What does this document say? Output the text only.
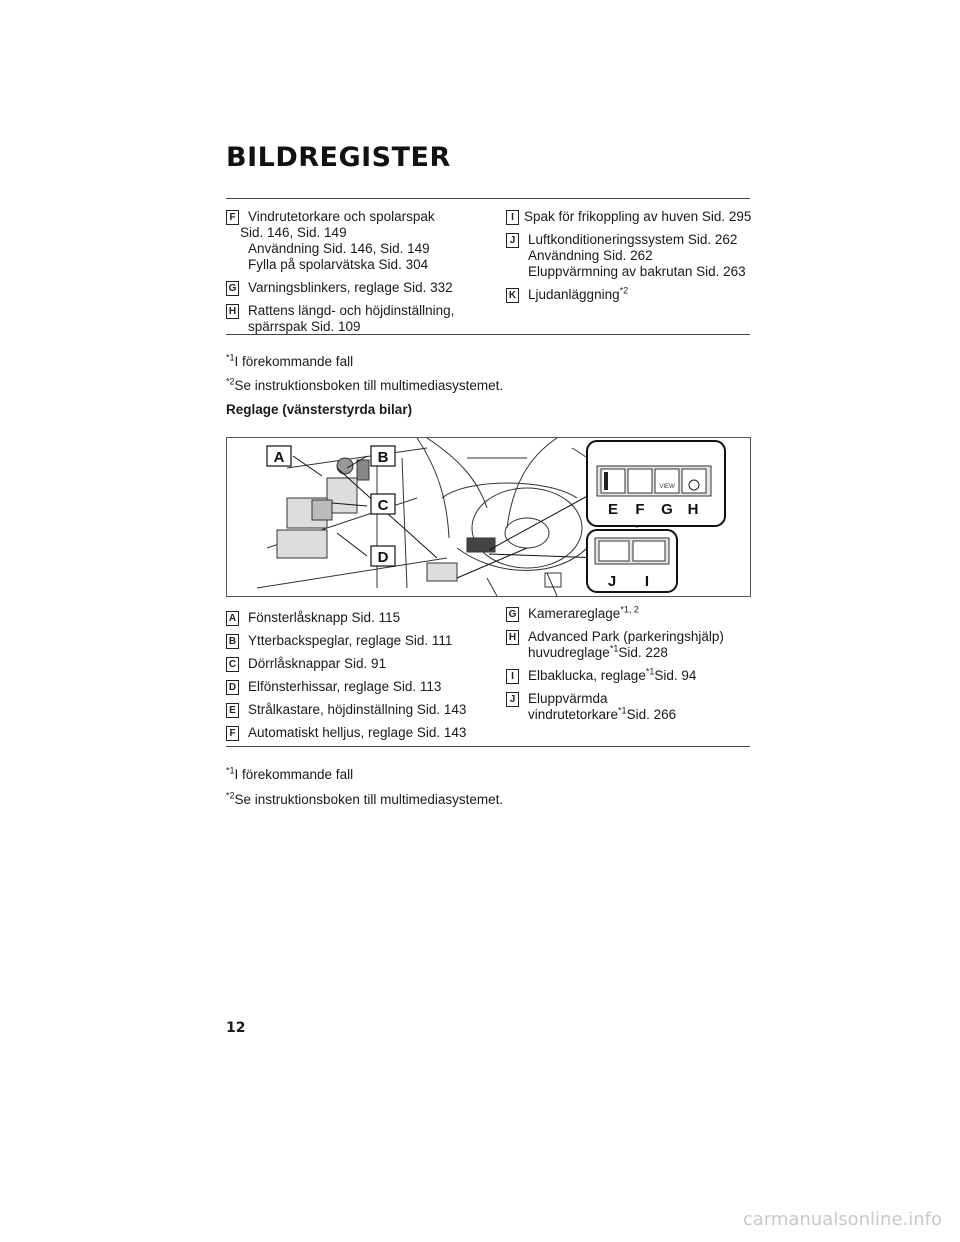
BILDREGISTER
F Vindrutetorkare och spolarspak
Sid. 146, Sid. 149
Användning Sid. 146, Sid. 149
Fylla på spolarvätska Sid. 304
G Varningsblinkers, reglage Sid. 332
H Rattens längd- och höjdinställning,
spärrspak Sid. 109
I Spak för frikoppling av huven Sid. 295
J Luftkonditioneringssystem Sid. 262
Användning Sid. 262
Eluppvärmning av bakrutan Sid. 263
K Ljudanläggning$^{*2}$
$^{*1}$I förekommande fall
$^{*2}$Se instruktionsboken till multimediasystemet.
Reglage (vänsterstyrda bilar)
A	B
C
D
VIEW
E F G H
J I
A Fönsterlåsknapp Sid. 115
B Ytterbackspeglar, reglage Sid. 111
C Dörrlåsknappar Sid. 91
D Elfönsterhissar, reglage Sid. 113
E Strålkastare, höjdinställning Sid. 143
F Automatiskt helljus, reglage Sid. 143
G Kamerareglage$^{*1, 2}$
H Advanced Park (parkeringshjälp)
huvudreglage$^{*1}$Sid. 228
I	Elbaklucka, reglage$^{*1}$Sid. 94
J Eluppvärmda
vindrutetorkare$^{*1}$Sid. 266
$^{*1}$I förekommande fall
$^{*2}$Se instruktionsboken till multimediasystemet.
12
carmanualsonline.info
